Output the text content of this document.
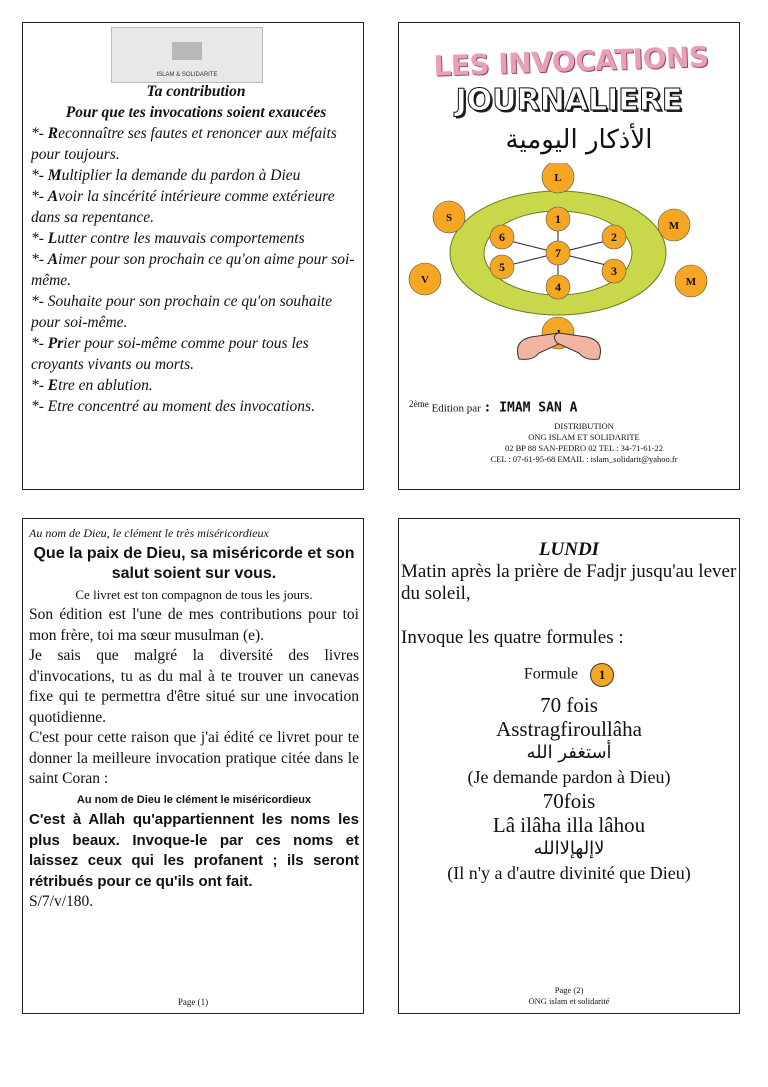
ISLAM & SOLIDARITE
Ta contribution
Pour que tes invocations soient exaucées
*- Reconnaître ses fautes et renoncer aux méfaits pour toujours.
*- Multiplier la demande du pardon à Dieu
*- Avoir la sincérité intérieure comme extérieure dans sa repentance.
*- Lutter contre les mauvais comportements
*- Aimer pour son prochain ce qu'on aime pour soi-même.
*- Souhaite pour son prochain ce qu'on souhaite pour soi-même.
*- Prier pour soi-même comme pour tous les croyants vivants ou morts.
*- Etre en ablution.
*- Etre concentré au moment des invocations.
LES INVOCATIONS
JOURNALIERE
الأذكار اليومية
7
1
2
3
4
5
6
L
M
M
V
S
$^{2ème}$ Edition par : IMAM SAN A
DISTRIBUTION
ONG ISLAM ET SOLIDARITE
02 BP 88 SAN-PEDRO 02 TEL : 34-71-61-22
CEL : 07-61-95-68 EMAIL : islam_solidarit@yahoo.fr
Au nom de Dieu, le clément le très miséricordieux
Que la paix de Dieu, sa miséricorde et son salut soient sur vous.
Ce livret est ton compagnon de tous les jours.
Son édition est l'une de mes contributions pour toi mon frère, toi ma sœur musulman (e).
Je sais que malgré la diversité des livres d'invocations, tu as du mal à te trouver un canevas fixe qui te permettra d'être situé sur une invocation quotidienne.
C'est pour cette raison que j'ai édité ce livret pour te donner la meilleure invocation pratique citée dans le saint Coran :
Au nom de Dieu le clément le miséricordieux
C'est à Allah qu'appartiennent les noms les plus beaux. Invoque-le par ces noms et laissez ceux qui les profanent ; ils seront rétribués pour ce qu'ils ont fait.
S/7/v/180.
Page (1)
LUNDI
Matin après la prière de Fadjr jusqu'au lever du soleil,
Invoque les quatre formules :
Formule 1
70 fois
Asstragfiroullâha
أستغفر الله
(Je demande pardon à Dieu)
70fois
Lâ ilâha illa lâhou
لاإلهإلاالله
(Il n'y a d'autre divinité que Dieu)
Page (2)
ONG islam et solidarité
